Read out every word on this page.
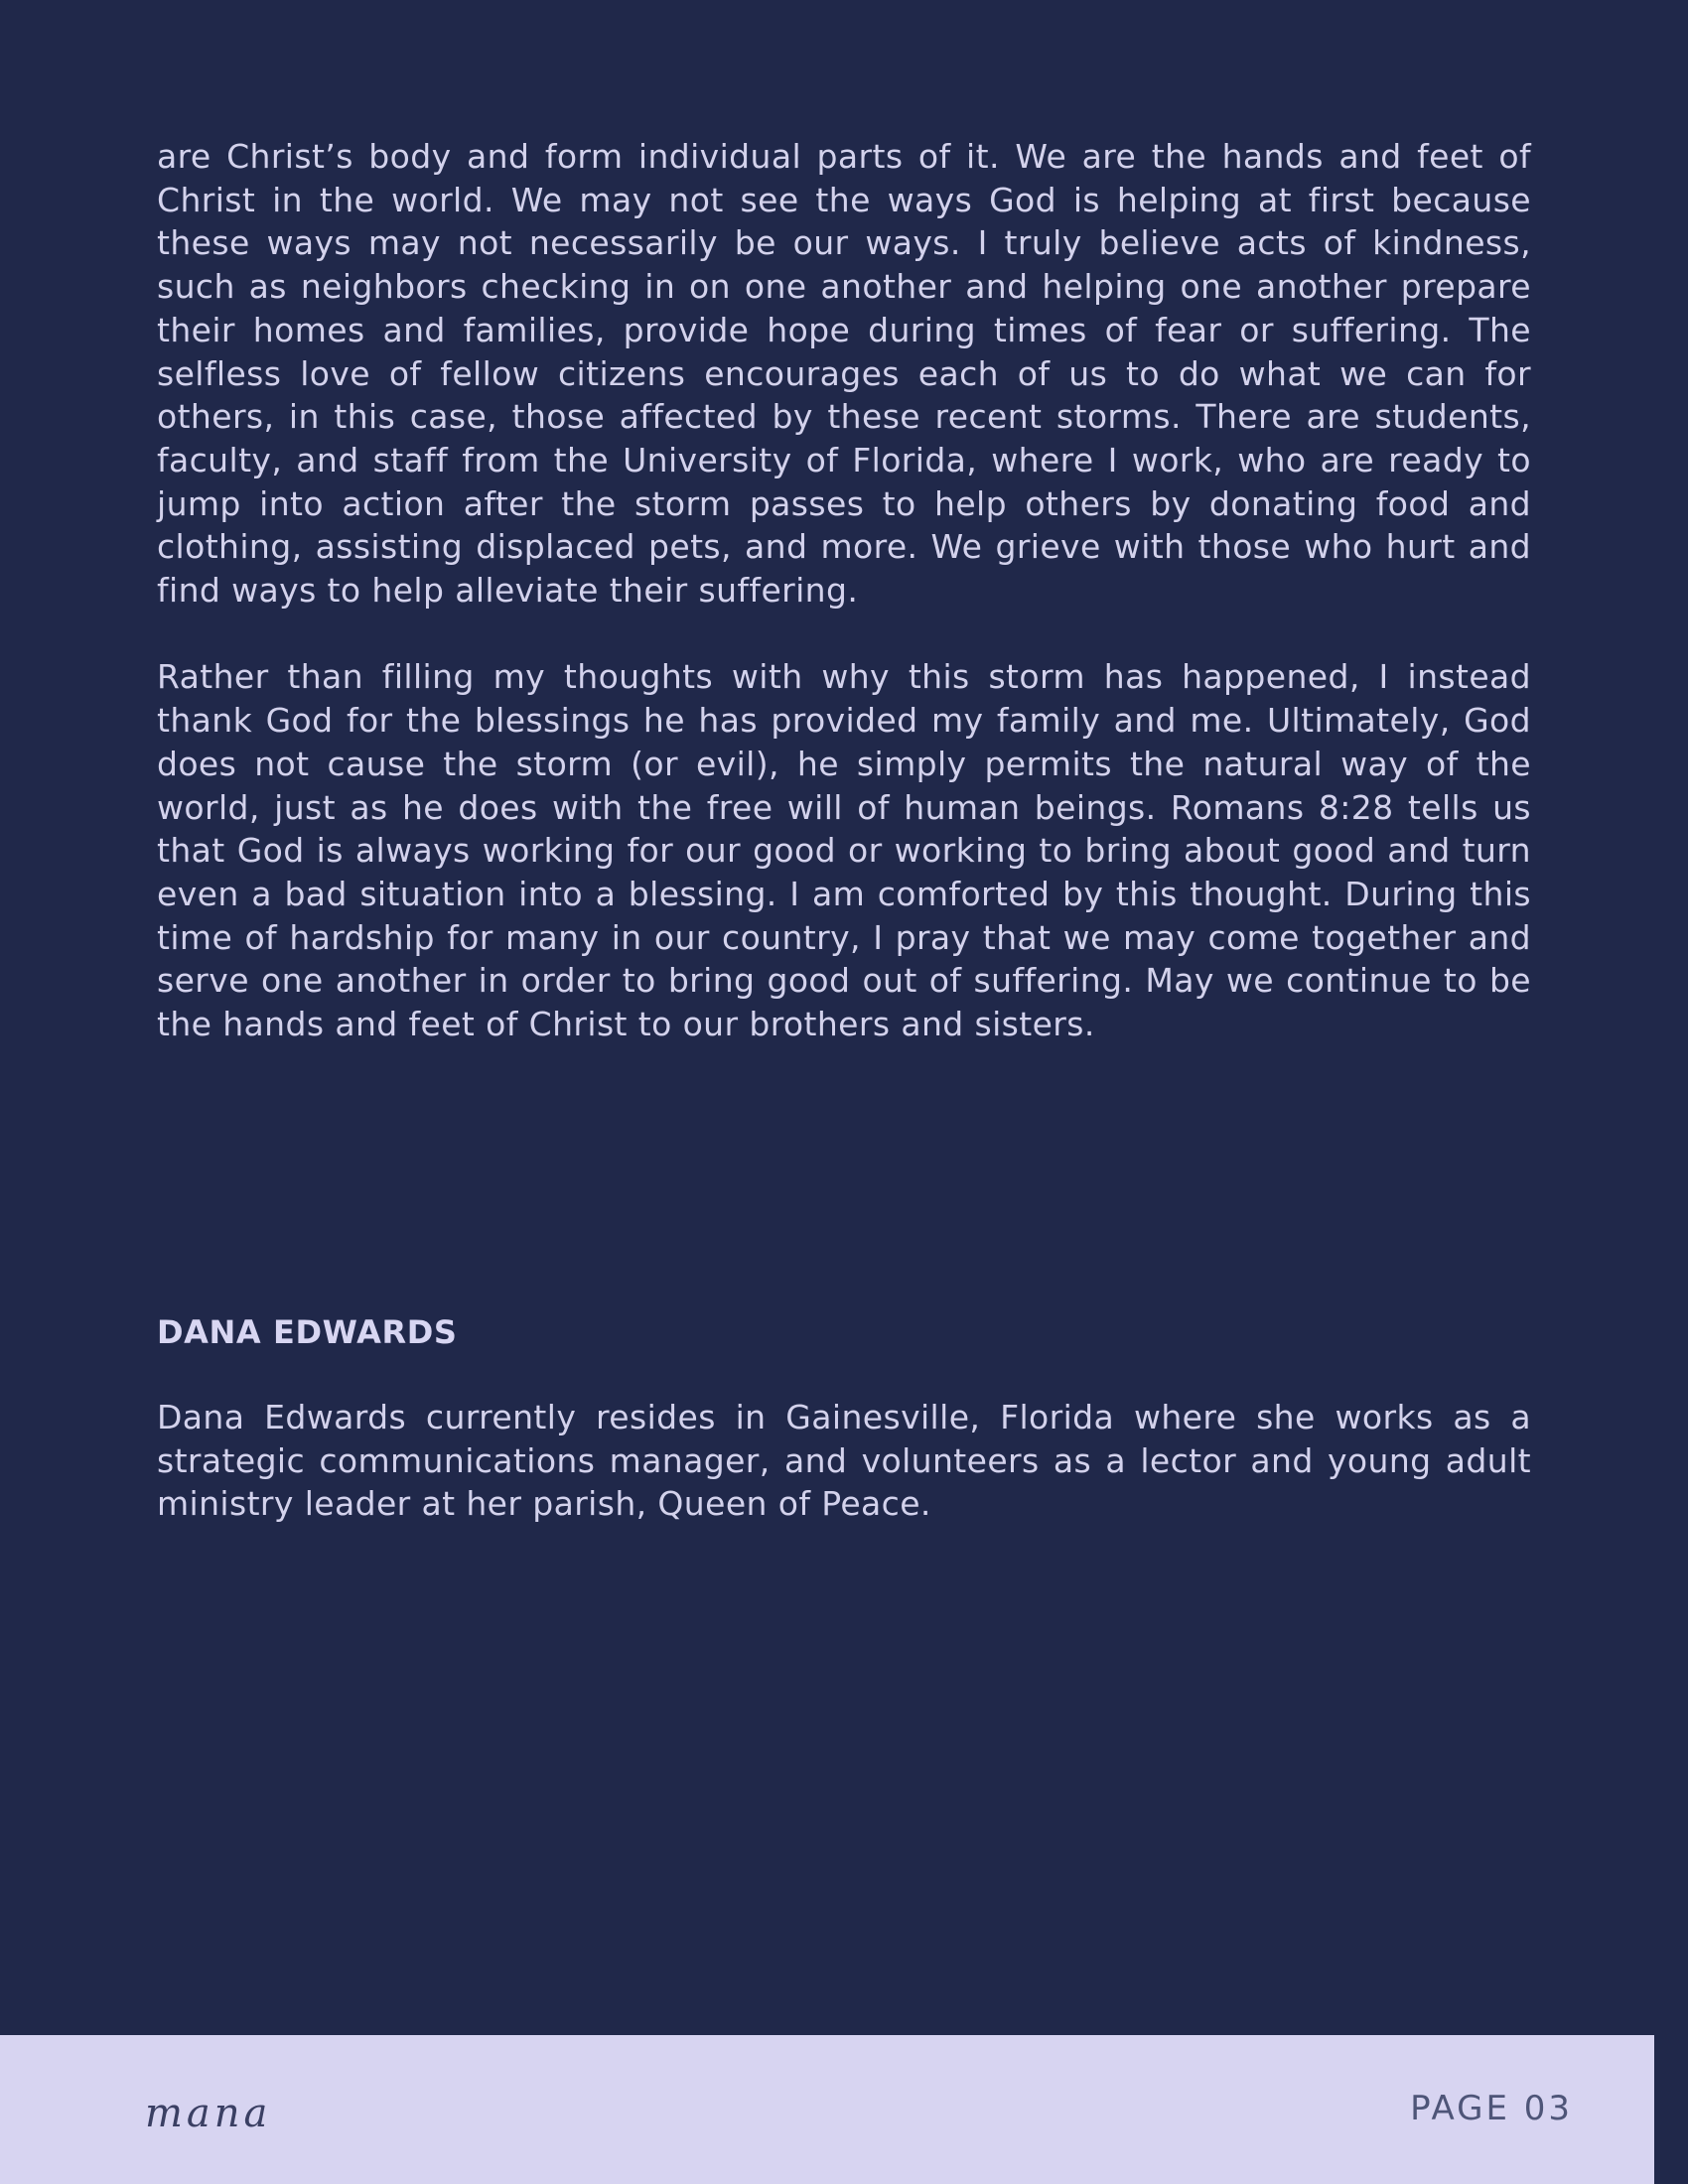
are Christ’s body and form individual parts of it. We are the hands and feet of Christ in the world. We may not see the ways God is helping at first because these ways may not necessarily be our ways. I truly believe acts of kindness, such as neighbors checking in on one another and helping one another prepare their homes and families, provide hope during times of fear or suffering. The selfless love of fellow citizens encourages each of us to do what we can for others, in this case, those affected by these recent storms. There are students, faculty, and staff from the University of Florida, where I work, who are ready to jump into action after the storm passes to help others by donating food and clothing, assisting displaced pets, and more. We grieve with those who hurt and find ways to help alleviate their suffering.

Rather than filling my thoughts with why this storm has happened, I instead thank God for the blessings he has provided my family and me. Ultimately, God does not cause the storm (or evil), he simply permits the natural way of the world, just as he does with the free will of human beings. Romans 8:28 tells us that God is always working for our good or working to bring about good and turn even a bad situation into a blessing. I am comforted by this thought. During this time of hardship for many in our country, I pray that we may come together and serve one another in order to bring good out of suffering. May we continue to be the hands and feet of Christ to our brothers and sisters.

DANA EDWARDS

Dana Edwards currently resides in Gainesville, Florida where she works as a strategic communications manager, and volunteers as a lector and young adult ministry leader at her parish, Queen of Peace.

mana	PAGE 03
